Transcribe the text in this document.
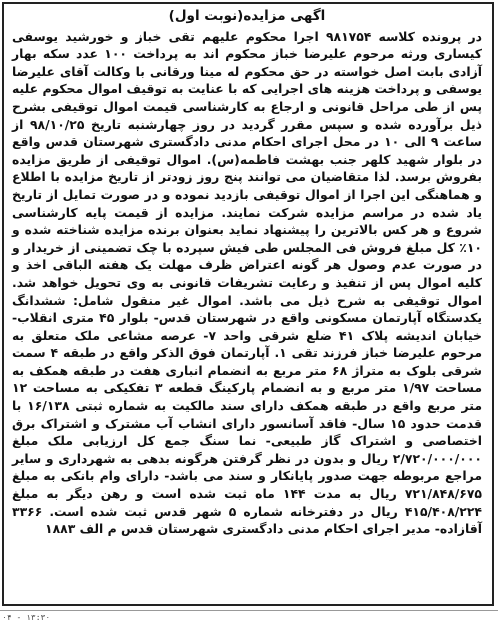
اگهی مزایده(نوبت اول)

در پرونده کلاسه ۹۸۱۷۵۴ اجرا محکوم علیهم تقی خباز و خورشید یوسفی کیساری ورثه مرحوم علیرضا خباز محکوم اند به پرداخت ۱۰۰ عدد سکه بهار آزادی بابت اصل خواسته در حق محکوم له مینا ورقانی با وکالت آقای علیرضا یوسفی و پرداخت هزینه های اجرایی که با عنایت به توقیف اموال محکوم علیه پس از طی مراحل قانونی و ارجاع به کارشناسی قیمت اموال توقیفی بشرح ذیل برآورده شده و سپس مقرر گردید در روز چهارشنبه تاریخ ۹۸/۱۰/۲۵ از ساعت ۹ الی ۱۰ در محل اجرای احکام مدنی دادگستری شهرستان قدس واقع در بلوار شهید کلهر جنب بهشت فاطمه(س). اموال توقیفی از طریق مزایده بفروش برسد. لذا متقاضیان می توانند پنج روز زودتر از تاریخ مزایده با اطلاع و هماهنگی این اجرا از اموال توقیفی بازدید نموده و در صورت تمایل از تاریخ یاد شده در مراسم مزایده شرکت نمایند. مزایده از قیمت پایه کارشناسی شروع و هر کس بالاترین را پیشنهاد نماید بعنوان برنده مزایده شناخته شده و ۱۰٪ کل مبلغ فروش فی المجلس طی فیش سپرده با چک تضمینی از خریدار و در صورت عدم وصول هر گونه اعتراض ظرف مهلت یک هفته الباقی اخذ و کلیه اموال پس از تنفیذ و رعایت تشریفات قانونی به وی تحویل خواهد شد. اموال توقیفی به شرح ذیل می باشد. اموال غیر منقول شامل: ششدانگ یکدستگاه آپارتمان مسکونی واقع در شهرستان قدس- بلوار ۴۵ متری انقلاب- خیابان اندیشه پلاک ۴۱ ضلع شرقی واحد ۷- عرصه مشاعی ملک متعلق به مرحوم علیرضا خباز فرزند تقی ۱. آپارتمان فوق الذکر واقع در طبقه ۴ سمت شرقی بلوک به متراژ ۶۸ متر مربع به انضمام انباری هفت در طبقه همکف به مساحت ۱/۹۷ متر مربع و به انضمام پارکینگ قطعه ۳ تفکیکی به مساحت ۱۲ متر مربع واقع در طبقه همکف دارای سند مالکیت به شماره ثبتی ۱۶/۱۳۸ با قدمت حدود ۱۵ سال- فاقد آسانسور دارای انشاب آب مشترک و اشتراک برق اختصاصی و اشتراک گاز طبیعی- نما سنگ جمع کل ارزیابی ملک مبلغ ۲/۷۲۰/۰۰۰/۰۰۰ ریال و بدون در نظر گرفتن هرگونه بدهی به شهرداری و سایر مراجع مربوطه جهت صدور پایانکار و سند می باشد- دارای وام بانکی به مبلغ ۷۲۱/۸۴۸/۶۷۵ ریال به مدت ۱۴۴ ماه ثبت شده است و رهن دیگر به مبلغ ۴۱۵/۴۰۸/۲۲۴ ریال در دفترخانه شماره ۵ شهر قدس ثبت شده است. ۳۳۶۶ آقازاده- مدیر اجرای احکام مدنی دادگستری شهرستان قدس م الف ۱۸۸۳

۰۴ - ۱۳:۳۰
